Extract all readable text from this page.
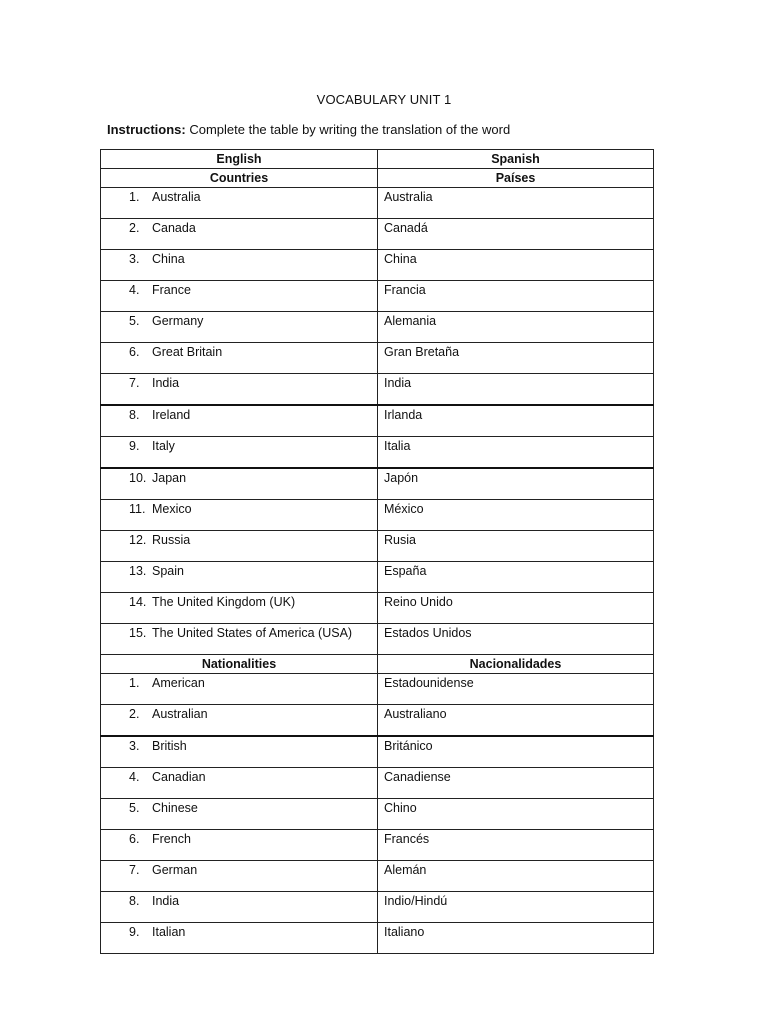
VOCABULARY UNIT 1
Instructions: Complete the table by writing the translation of the word
English	Spanish
Countries	Países
1. Australia	Australia
2. Canada	Canadá
3. China	China
4. France	Francia
5. Germany	Alemania
6. Great Britain	Gran Bretaña
7. India	India
8. Ireland	Irlanda
9. Italy	Italia
10. Japan	Japón
11. Mexico	México
12. Russia	Rusia
13. Spain	España
14. The United Kingdom (UK)	Reino Unido
15. The United States of America (USA)	Estados Unidos
Nationalities	Nacionalidades
1. American	Estadounidense
2. Australian	Australiano
3. British	Británico
4. Canadian	Canadiense
5. Chinese	Chino
6. French	Francés
7. German	Alemán
8. India	Indio/Hindú
9. Italian	Italiano
